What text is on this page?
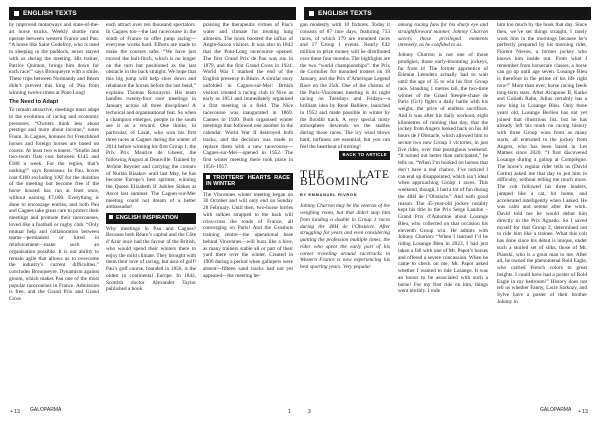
ENGLISH TEXTS	ENGLISH TEXTS

by improved motorways and state-of-the-art horse trucks. Weekly shuttle runs operate between western France and Pau. “A horse like Saint Godefroy, who is used to sleeping in the paddock, never stayed with us during the meeting. His trainer, Patrice Quinton, brings him down for each race!” says Brouqueyre with a smile. These trips between Normandy and Béarn didn’t prevent this king of Pau from winning twelve times at Pont-Long!

The Need to Adapt

To remain attractive, meetings must adapt to the evolution of racing and economic pressures. “Owners think less about prestige and more about income,” notes Fouin. In Cagnes, bonuses for Frenchbred horses and foreign horses are based on course. At least two winners. “Studio and two-room flats cost between €145 and €188 a week. For the region, that’s nothing!” says Rousseau. In Pau, boxes cost €160 excluding VAT for the duration of the meeting but become free if the horse housed has run at least once, without earning €7,000. Everything is done to encourage entries, and both Pau and Cagnes take great care to protect their meetings and promote their racecourses, loved like a football or rugby club. “Only mutual help and collaboration between teams—permanent or hired in reinforcement—make such an organisation possible. It is our ability to remain agile that allows us to overcome the industry’s current difficulties,” concludes Brouqueyre. Dynamism against gloom, which makes Pau one of the most popular racecourses in France. Admission is free, and the Grand Prix and Grand Cross

each attract over ten thousand spectators. In Cagnes too—the last racecourse in the south of France to offer jump racing—everyone works hard. Efforts are made to make the courses safer. “We have just moved the bull-finch, which is no longer on the turn but positioned as the last obstacle in the back straight. We hope that this big jump will help slow down and rebalance the horses before the last bend,” explains Thomas Roucayrol. His team handles twenty-four race meetings in January across all three disciplines! A technical and organisational feat. So when a champion emerges, people in the south see it as a reward. One thinks, in particular, of Lazat, who won his first three races at Cagnes during the winter of 2014 before winning his first Group 1, the Prix Prix Maurice de Gheest, the following August at Deauville. Trained by Jérôme Reynier and carrying the colours of Nurlan Bizakov until last May, he has become Europe’s best sprinter, winning the Queen Elizabeth II Jubilee Stakes at Ascot last summer. The Cagnes-sur-Mer meeting could not dream of a better ambassador!

ENGLISH INSPIRATION

Why meetings in Pau and Cagnes? Because both Béarn’s capital and the Côte d’Azur once had the favour of the British, who would spend their winters there to enjoy the mild climate. They brought with them their love of racing, but also of golf! Pau’s golf course, founded in 1856, is the oldest in continental Europe. In 1842, Scottish doctor Alexander Taylor published a book

praising the therapeutic virtues of Pau’s water and climate for treating lung ailments. The book boosted the influx of Anglo-Saxon visitors. It was also in 1842 that the Pont-Long racecourse opened. The first Grand Prix de Pau was run in 1879, and the first Grand Cross in 1924. World War I marked the end of the English presence in Béarn. A similar story unfolded in Cagnes-sur-Mer: British visitors created a racing club in Nice as early as 1851 and immediately organised a first meeting in a field. The Nice racecourse was inaugurated in 1869. Cannes in 1920. Both organised winter meetings that followed one another in the calendar. World War II destroyed both tracks, and the decision was made to replace them with a new racecourse—Cagnes-sur-Mer—opened in 1952. The first winter meeting there took place in 1956–1957.

TROTTERS’ HEARTS RACE IN WINTER

The Vincennes winter meeting began on 30 October and will only end on Sunday 28 February. Until then, two-horse lorries with sulkies strapped to the back will criss-cross the roads of France, all converging on Paris! And the Grosbois training centre—the operational base behind Vincennes—will buzz like a hive, as many trainers stable all or part of their yard there over the winter. Created in 1906 during a period when gallopers were absent—fifteen sand tracks had not yet appeared—the meeting be-

gan modestly with 10 fixtures. Today it consists of 87 race days, featuring 733 races, of which 179 are mounted races and 17 Group 1 events. Nearly €42 million in prize money will be distributed over these four months. The highlights are the two “world championships”: the Prix de Cornulier for mounted trotters on 18 January, and the Prix d’Amérique Legend Race on the 25th. One of the charms of the Paris-Vincennes meeting is its night racing on Tuesdays and Fridays—a brilliant idea by René Ballière, launched in 1952 and made possible in winter by the floodlit track. A very special misty atmosphere descends on the stables during those races. The icy wind blows hard, turfiness are essential, but you can feel the heartbeat of trotting!

BACK TO ARTICLE
THE LATE BLOOMING
BY EMMANUEL RIVRON

Johnny Charron may be the veteran of the weighing room, but that didn’t stop him from landing a double in Group 1 races during the 48H de l’Obstacle. After struggling for years and even considering quitting the profession multiple times, the rider who spent the early part of his career traveling around racetracks in Western France is now experiencing his best sporting years. Very popular

among racing fans for his sharp eye and straightforward manner, Johnny Charron savors these privileged moments intensely, as he confided to us.

Johnny Charron is not one of those prodigies, those early-blooming jockeys, far from it! The former apprentice of Étienne Leenders actually had to wait until the age of 35 to win his first Group race. Standing 1 metres tall, the two-time winner of the Grand Steeple-chase de Paris (Gr1) fights a daily battle with his weight, the price of endless sacrifices. And it was after his daily workout, eight kilometres of running that day, that the jockey from Angers looked back on his 48 hours de l’Obstacle, which allowed him to secure two new Group 1 victories, in just five rides, over that prestigious weekend. “It turned out better than anticipated,” he tells us. “When I’m booked on horses that don’t have a real chance, I’ve noticed I can end up disappointed, which isn’t ideal when approaching Group 1 races. This weekend, though, I had a lot of fun during the 48H de l’Obstacle.” And with good reason. The 45-year-old jockey notably kept his title in the Prix Serge Landon – Grand Prix d’Automne about Losange Bleu, who collected on that occasion his eleventh Group win. He admits with Johnny Charron: “When I learned I’d be riding Losange Bleu in 2023, I had just taken a fall with one of Mr. Papot’s horses and offered a severe concussion. When he came to check on me, Mr. Papot asked whether I wanted to ride Losange. It was an honor to be associated with such a horse! For my first ride on him, things went terribly. I rode

him too much by the book that day. Since then, we’ve set things straight. I rarely work him in the mornings because he’s perfectly prepared by his morning rider, Florent Nieves, a former jockey who knows him inside out. From what I remember from horsecare classes, a horse can go up until age seven. Losange Bleu is therefore in the prime of his life right now!” More than ever, horse racing feeds long-term stars. After Alcapone II, Katko and Goliath Rahn, Julius certainly has a new king in Losange Bleu. Only three years old, Losange Berlieu has not yet joined that illustrious list, but he has already left his mark on racing history with three Group wins from as many starts, all entrusted to the jockey from Angers, who has been based in Les Mathes since 2020. “I first discovered Losange during a gallop at Compiègne. The horse’s regular rider tells us (David Cottin) asked me that day to put him in difficulty, without telling me much more. The colt followed his three leaders, jumped like a cat, hit home, and accelerated intelligently when I asked. He was calm and serene after the work. David told me he would debut him directly in the Prix Aguado. So I saved myself for that Group 3, determined not to ride him like a trainee. What this colt has done since his debut is unique, under such a storied set of silks, those of Mr. Pianski, who is a great man to me. After all, he owned the phenomenal Bold Eagle, who carried French colors to great heights. I could have had a poster of Bold Eagle in my bedroom!” History does not tell us whether Fanny, Lacie Sarkozy, and Sylve have a poster of their brother Johnny in

+ 13 GALOPARMA	1	3	GALOPARMA + 13
